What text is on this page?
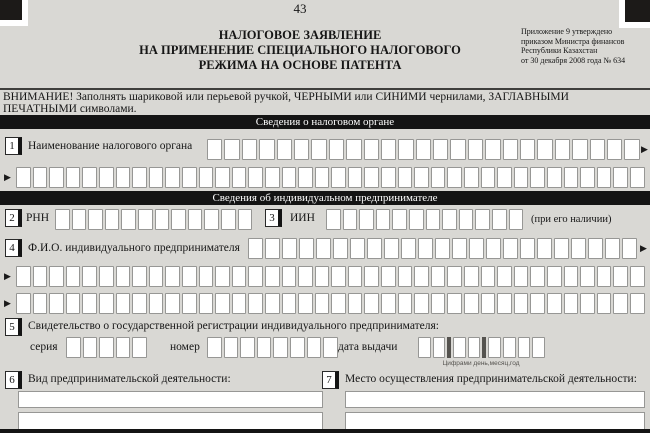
43
НАЛОГОВОЕ ЗАЯВЛЕНИЕ
НА ПРИМЕНЕНИЕ СПЕЦИАЛЬНОГО НАЛОГОВОГО
РЕЖИМА НА ОСНОВЕ ПАТЕНТА
Приложение 9 утверждено
приказом Министра финансов
Республики Казахстан
от 30 декабря 2008 года № 634
ВНИМАНИЕ! Заполнять шариковой или перьевой ручкой, ЧЕРНЫМИ или СИНИМИ чернилами, ЗАГЛАВНЫМИ
ПЕЧАТНЫМИ символами.
Сведения о налоговом органе
1	Наименование налогового органа	▶
▶
Сведения об индивидуальном предпринимателе
2 РНН	3	ИИН	(при его наличии)
4	Ф.И.О. индивидуального предпринимателя	▶
▶
▶
5	Свидетельство о государственной регистрации индивидуального предпринимателя:
серия	номер	дата выдачи
Цифрами день,месяц,год
6	Вид предпринимательской деятельности:	7	Место осуществления предпринимательской деятельности:
